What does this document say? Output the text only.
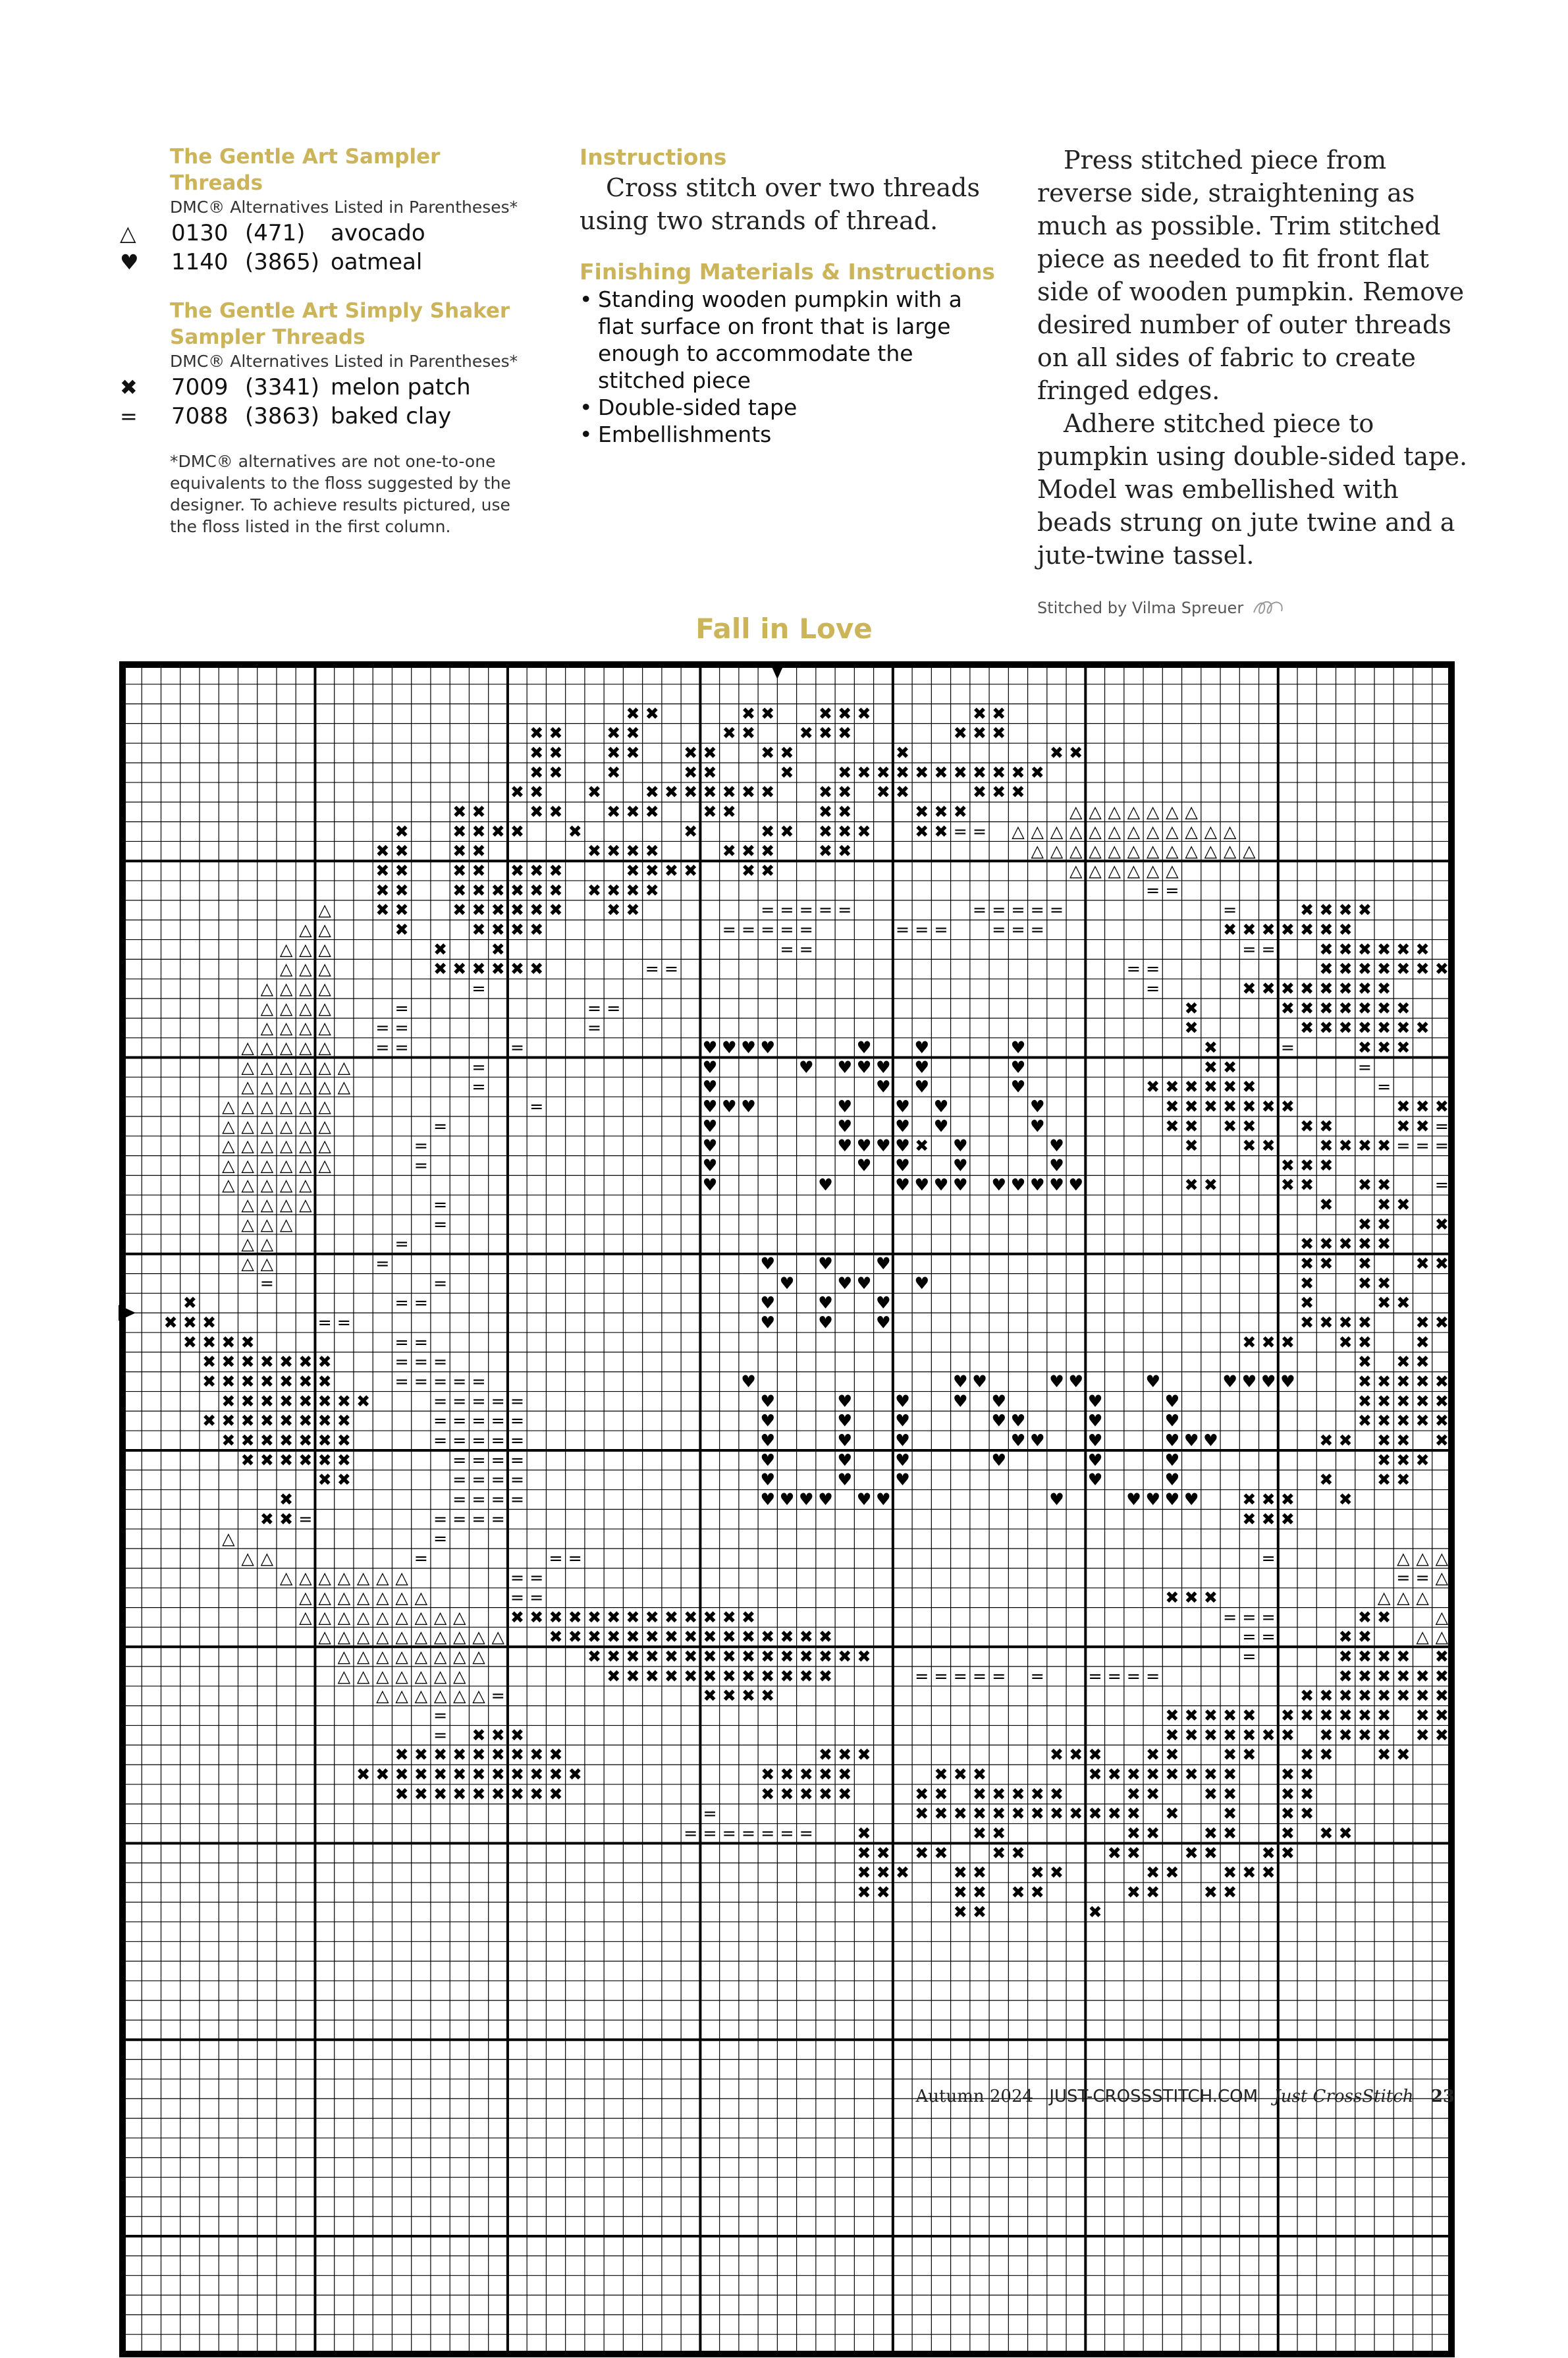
The Gentle Art Sampler Threads
DMC® Alternatives Listed in Parentheses*
△	0130 (471)	avocado
♥	1140 (3865) oatmeal
The Gentle Art Simply Shaker
Sampler Threads
DMC® Alternatives Listed in Parentheses*
✖	7009 (3341) melon patch
=	7088 (3863) baked clay
*DMC® alternatives are not one-to-one equivalents to the floss suggested by the designer. To achieve results pictured, use the floss listed in the first column.
Instructions
Cross stitch over two threads using two strands of thread.
Finishing Materials & Instructions
• Standing wooden pumpkin with a flat surface on front that is large enough to accommodate the stitched piece
• Double-sided tape
• Embellishments
Press stitched piece from reverse side, straightening as much as possible. Trim stitched piece as needed to fit front flat side of wooden pumpkin. Remove desired number of outer threads on all sides of fabric to create fringed edges.
Adhere stitched piece to pumpkin using double-sided tape. Model was embellished with beads strung on jute twine and a jute-twine tassel.
Stitched by Vilma Spreuer
Fall in Love
✖ ✖	✖ ✖	✖ ✖ ✖	✖ ✖
✖ ✖	✖ ✖	✖ ✖	✖ ✖ ✖	✖ ✖ ✖
✖ ✖	✖ ✖	✖ ✖	✖ ✖	✖	✖ ✖
✖ ✖	✖	✖ ✖	✖	✖ ✖ ✖ ✖ ✖ ✖ ✖ ✖ ✖ ✖ ✖
✖ ✖	✖	✖ ✖ ✖ ✖ ✖ ✖ ✖	✖ ✖ ✖ ✖	✖ ✖ ✖
✖ ✖	✖ ✖	✖ ✖ ✖	✖ ✖	✖ ✖	✖ ✖ ✖	△ △ △ △ △ △ △
✖	✖ ✖ ✖ ✖	✖	✖	✖ ✖ ✖ ✖ ✖	✖ ✖ = = △ △ △ △ △ △ △ △ △ △ △ △
✖ ✖	✖ ✖	✖ ✖ ✖ ✖	✖ ✖ ✖	✖ ✖	△ △ △ △ △ △ △ △ △ △ △ △
✖ ✖	✖ ✖ ✖ ✖ ✖	✖ ✖ ✖ ✖	✖ ✖	△ △ △ △ △ △
✖ ✖	✖ ✖ ✖ ✖ ✖ ✖ ✖ ✖ ✖ ✖	= =
△	✖ ✖	✖ ✖ ✖ ✖ ✖ ✖	✖ ✖	= = = = =	= = = = =	=	✖ ✖ ✖ ✖
△ △	✖	✖ ✖ ✖ ✖	= = = = =	= = =	= = =	✖ ✖ ✖ ✖ ✖ ✖ ✖
△ △ △	✖	✖	= =	= =	✖ ✖ ✖ ✖ ✖ ✖
△ △ △	✖ ✖ ✖ ✖ ✖ ✖	= =	= =	✖ ✖ ✖ ✖ ✖ ✖ ✖
△ △ △ △	=	=	✖ ✖ ✖ ✖ ✖ ✖ ✖ ✖
△ △ △ △	=	= =	✖	✖ ✖ ✖ ✖ ✖ ✖ ✖
△ △ △ △	= =	=	✖	✖ ✖ ✖ ✖ ✖ ✖ ✖
△ △ △ △ △	= =	=	♥ ♥ ♥ ♥	♥	♥	♥	✖	=	✖ ✖ ✖
△ △ △ △ △ △	=	♥	♥ ♥ ♥ ♥ ♥	♥	✖ ✖	=
△ △ △ △ △ △	=	♥	♥ ♥	♥	✖ ✖ ✖ ✖ ✖ ✖	=
△ △ △ △ △ △	=	♥ ♥ ♥	♥	♥ ♥	♥	✖ ✖ ✖ ✖ ✖ ✖ ✖	✖ ✖ ✖
△ △ △ △ △ △	=	♥	♥	♥ ♥	♥	✖ ✖ ✖ ✖	✖ ✖	✖ ✖ =
△ △ △ △ △ △	=	♥	♥ ♥ ♥ ♥ ✖ ♥	♥	✖	✖ ✖	✖ ✖ ✖ ✖ = = =
△ △ △ △ △ △	=	♥	♥ ♥	♥	♥	✖ ✖ ✖
△ △ △ △ △	♥	♥	♥ ♥ ♥ ♥ ♥ ♥ ♥ ♥ ♥	✖ ✖	✖ ✖	✖ ✖	=
△ △ △ △	=	✖	✖ ✖
△ △ △	=	✖ ✖	✖
△ △	=	✖ ✖ ✖ ✖ ✖
△ △	=	♥	♥	♥	✖ ✖ ✖	✖ ✖
=	=	♥	♥ ♥	♥	✖	✖ ✖
✖	= =	♥	♥	♥	✖	✖ ✖
✖ ✖ ✖	= =	♥	♥	♥	✖ ✖ ✖ ✖	✖ ✖
✖ ✖ ✖ ✖	= =	✖ ✖ ✖	✖ ✖	✖
✖ ✖ ✖ ✖ ✖ ✖ ✖	= = =	✖ ✖ ✖
✖ ✖ ✖ ✖ ✖ ✖ ✖	= = = = =	♥	♥ ♥	♥ ♥	♥	♥ ♥ ♥ ♥	✖ ✖ ✖ ✖ ✖
✖ ✖ ✖ ✖ ✖ ✖ ✖ ✖	= = = = =	♥	♥	♥	♥ ♥	♥	♥	✖ ✖ ✖ ✖ ✖
✖ ✖ ✖ ✖ ✖ ✖ ✖ ✖	= = = = =	♥	♥	♥	♥ ♥	♥	♥	✖ ✖ ✖ ✖ ✖
✖ ✖ ✖ ✖ ✖ ✖ ✖	= = = = =	♥	♥	♥	♥ ♥	♥	♥ ♥ ♥	✖ ✖ ✖ ✖ ✖
✖ ✖ ✖ ✖ ✖ ✖	= = = =	♥	♥	♥	♥	♥	♥	✖ ✖ ✖
✖ ✖	= = = =	♥	♥	♥	♥	♥	✖	✖ ✖
✖	= = = =	♥ ♥ ♥ ♥ ♥ ♥	♥	♥ ♥ ♥ ♥	✖ ✖ ✖	✖
✖ ✖ =	= = = =	✖ ✖ ✖
△	=
△ △	=	= =	=	△ △ △
△ △ △ △ △ △ △	= =	= = △
△ △ △ △ △ △ △	= =	✖ ✖ ✖	△ △ △
△ △ △ △ △ △ △ △ △	✖ ✖ ✖ ✖ ✖ ✖ ✖ ✖ ✖ ✖ ✖ ✖ ✖	= = =	✖ ✖	△
△ △ △ △ △ △ △ △ △ △	✖ ✖ ✖ ✖ ✖ ✖ ✖ ✖ ✖ ✖ ✖ ✖ ✖ ✖ ✖	= =	✖ ✖	△ △
△ △ △ △ △ △ △ △	✖ ✖ ✖ ✖ ✖ ✖ ✖ ✖ ✖ ✖ ✖ ✖ ✖ ✖ ✖	=	✖ ✖ ✖ ✖ ✖
△ △ △ △ △ △ △	✖ ✖ ✖ ✖ ✖ ✖ ✖ ✖ ✖ ✖ ✖ ✖	= = = = = =	= = = =	✖ ✖ ✖ ✖ ✖ ✖
△ △ △ △ △ △ =	✖ ✖ ✖ ✖	✖ ✖ ✖ ✖ ✖ ✖ ✖ ✖
=	✖ ✖ ✖ ✖ ✖ ✖ ✖ ✖ ✖ ✖ ✖ ✖ ✖
= ✖ ✖ ✖	✖ ✖ ✖ ✖ ✖ ✖ ✖ ✖ ✖ ✖ ✖ ✖ ✖
✖ ✖ ✖ ✖ ✖ ✖ ✖ ✖ ✖	✖ ✖ ✖	✖ ✖ ✖	✖ ✖	✖ ✖	✖ ✖	✖ ✖
✖ ✖ ✖ ✖ ✖ ✖ ✖ ✖ ✖ ✖ ✖ ✖	✖ ✖ ✖ ✖ ✖	✖ ✖ ✖	✖ ✖ ✖ ✖ ✖ ✖ ✖ ✖	✖ ✖
✖ ✖ ✖ ✖ ✖ ✖ ✖ ✖ ✖	✖ ✖ ✖ ✖ ✖	✖ ✖ ✖ ✖ ✖ ✖ ✖	✖ ✖	✖ ✖	✖ ✖
=	✖ ✖ ✖ ✖ ✖ ✖ ✖ ✖ ✖ ✖ ✖ ✖ ✖	✖	✖ ✖
= = = = = = =	✖	✖ ✖	✖ ✖	✖ ✖	✖ ✖ ✖
✖ ✖ ✖ ✖	✖ ✖	✖ ✖	✖ ✖	✖ ✖
✖ ✖ ✖	✖ ✖	✖ ✖	✖ ✖	✖ ✖ ✖
✖ ✖	✖ ✖ ✖ ✖	✖ ✖	✖ ✖
✖ ✖	✖
Autumn 2024 JUST-CROSSSTITCH.COM Just CrossStitch 23
